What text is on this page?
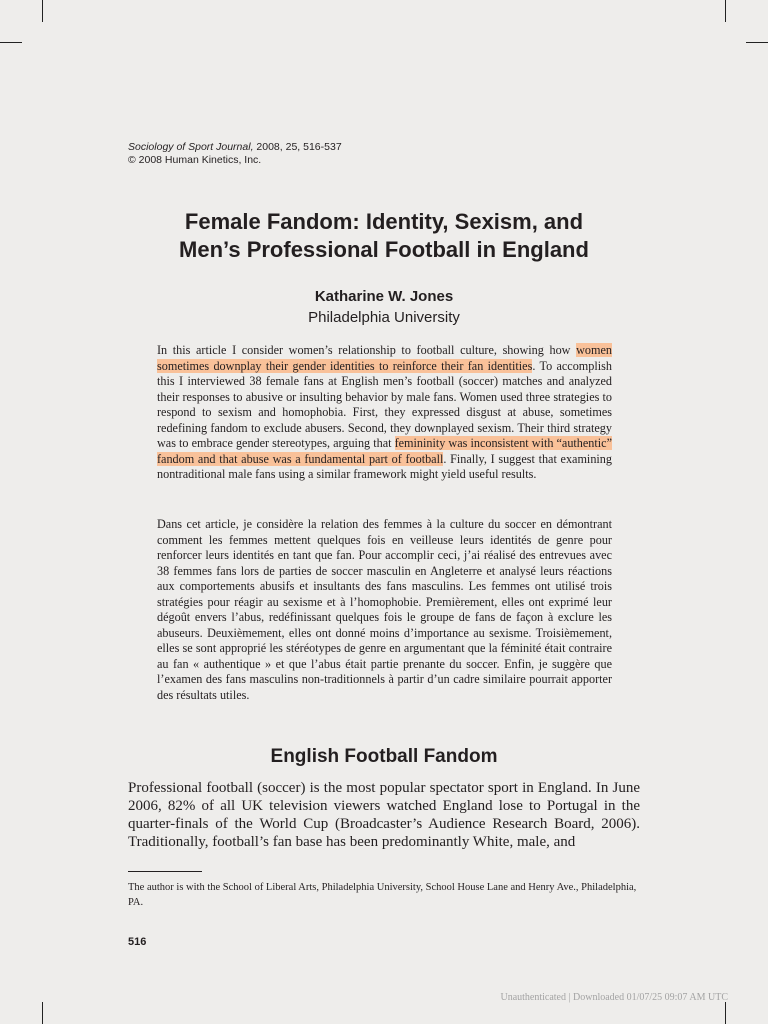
Sociology of Sport Journal, 2008, 25, 516-537
© 2008 Human Kinetics, Inc.
Female Fandom: Identity, Sexism, and
Men’s Professional Football in England
Katharine W. Jones
Philadelphia University

In this article I consider women’s relationship to football culture, showing how women sometimes downplay their gender identities to reinforce their fan identities. To accomplish this I interviewed 38 female fans at English men’s football (soccer) matches and analyzed their responses to abusive or insulting behavior by male fans. Women used three strategies to respond to sexism and homophobia. First, they expressed disgust at abuse, sometimes redefining fandom to exclude abusers. Second, they downplayed sexism. Their third strategy was to embrace gender stereotypes, arguing that femininity was inconsistent with “authentic” fandom and that abuse was a fundamental part of football. Finally, I suggest that examining nontraditional male fans using a similar framework might yield useful results.

Dans cet article, je considère la relation des femmes à la culture du soccer en démontrant comment les femmes mettent quelques fois en veilleuse leurs identités de genre pour renforcer leurs identités en tant que fan. Pour accomplir ceci, j’ai réalisé des entrevues avec 38 femmes fans lors de parties de soccer masculin en Angleterre et analysé leurs réactions aux comportements abusifs et insultants des fans masculins. Les femmes ont utilisé trois stratégies pour réagir au sexisme et à l’homophobie. Premièrement, elles ont exprimé leur dégoût envers l’abus, redéfinissant quelques fois le groupe de fans de façon à exclure les abuseurs. Deuxièmement, elles ont donné moins d’importance au sexisme. Troisièmement, elles se sont approprié les stéréotypes de genre en argumentant que la féminité était contraire au fan « authentique » et que l’abus était partie prenante du soccer. Enfin, je suggère que l’examen des fans masculins non-traditionnels à partir d’un cadre similaire pourrait apporter des résultats utiles.

English Football Fandom

Professional football (soccer) is the most popular spectator sport in England. In June 2006, 82% of all UK television viewers watched England lose to Portugal in the quarter-finals of the World Cup (Broadcaster’s Audience Research Board, 2006). Traditionally, football’s fan base has been predominantly White, male, and

The author is with the School of Liberal Arts, Philadelphia University, School House Lane and Henry Ave., Philadelphia, PA.

516
Unauthenticated | Downloaded 01/07/25 09:07 AM UTC
